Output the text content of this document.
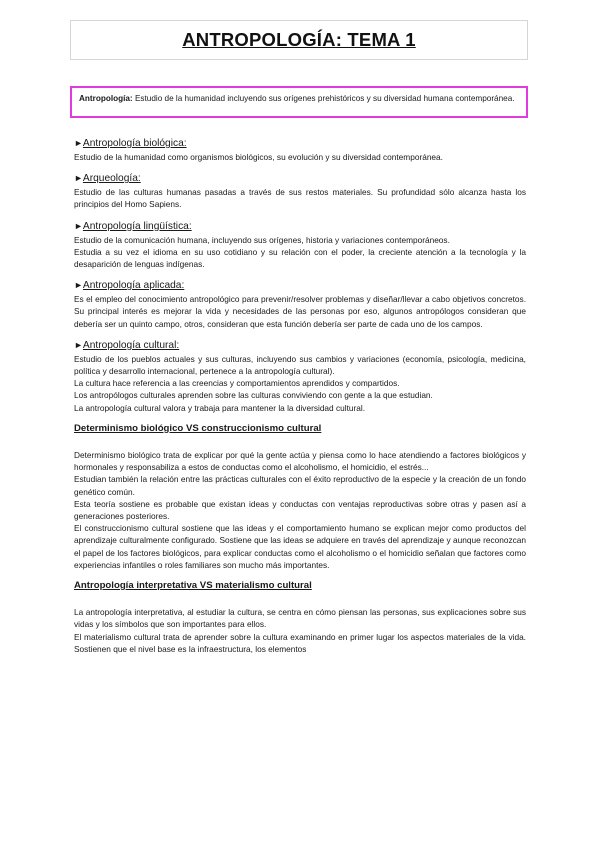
ANTROPOLOGÍA: TEMA 1
Antropología: Estudio de la humanidad incluyendo sus orígenes prehistóricos y su diversidad humana contemporánea.
►Antropología biológica:

Estudio de la humanidad como organismos biológicos, su evolución y su diversidad contemporánea.

►Arqueología:

Estudio de las culturas humanas pasadas a través de sus restos materiales. Su profundidad sólo alcanza hasta los principios del Homo Sapiens.

►Antropología lingüística:

Estudio de la comunicación humana, incluyendo sus orígenes, historia y variaciones contemporáneos.

Estudia a su vez el idioma en su uso cotidiano y su relación con el poder, la creciente atención a la tecnología y la desaparición de lenguas indígenas.

►Antropología aplicada:

Es el empleo del conocimiento antropológico para prevenir/resolver problemas y diseñar/llevar a cabo objetivos concretos. Su principal interés es mejorar la vida y necesidades de las personas por eso, algunos antropólogos consideran que debería ser un quinto campo, otros, consideran que esta función debería ser parte de cada uno de los campos.

►Antropología cultural:

Estudio de los pueblos actuales y sus culturas, incluyendo sus cambios y variaciones (economía, psicología, medicina, política y desarrollo internacional, pertenece a la antropología cultural).

La cultura hace referencia a las creencias y comportamientos aprendidos y compartidos.

Los antropólogos culturales aprenden sobre las culturas conviviendo con gente a la que estudian.

La antropología cultural valora y trabaja para mantener la la diversidad cultural.

Determinismo biológico VS construccionismo cultural

Determinismo biológico trata de explicar por qué la gente actúa y piensa como lo hace atendiendo a factores biológicos y hormonales y responsabiliza a estos de conductas como el alcoholismo, el homicidio, el estrés...

Estudian también la relación entre las prácticas culturales con el éxito reproductivo de la especie y la creación de un fondo genético común.

Esta teoría sostiene es probable que existan ideas y conductas con ventajas reproductivas sobre otras y pasen así a generaciones posteriores.

El construccionismo cultural sostiene que las ideas y el comportamiento humano se explican mejor como productos del aprendizaje culturalmente configurado. Sostiene que las ideas se adquiere en través del aprendizaje y aunque reconozcan el papel de los factores biológicos, para explicar conductas como el alcoholismo o el homicidio señalan que factores como experiencias infantiles o roles familiares son mucho más importantes.

Antropología interpretativa VS materialismo cultural

La antropología interpretativa, al estudiar la cultura, se centra en cómo piensan las personas, sus explicaciones sobre sus vidas y los símbolos que son importantes para ellos.

El materialismo cultural trata de aprender sobre la cultura examinando en primer lugar los aspectos materiales de la vida. Sostienen que el nivel base es la infraestructura, los elementos
